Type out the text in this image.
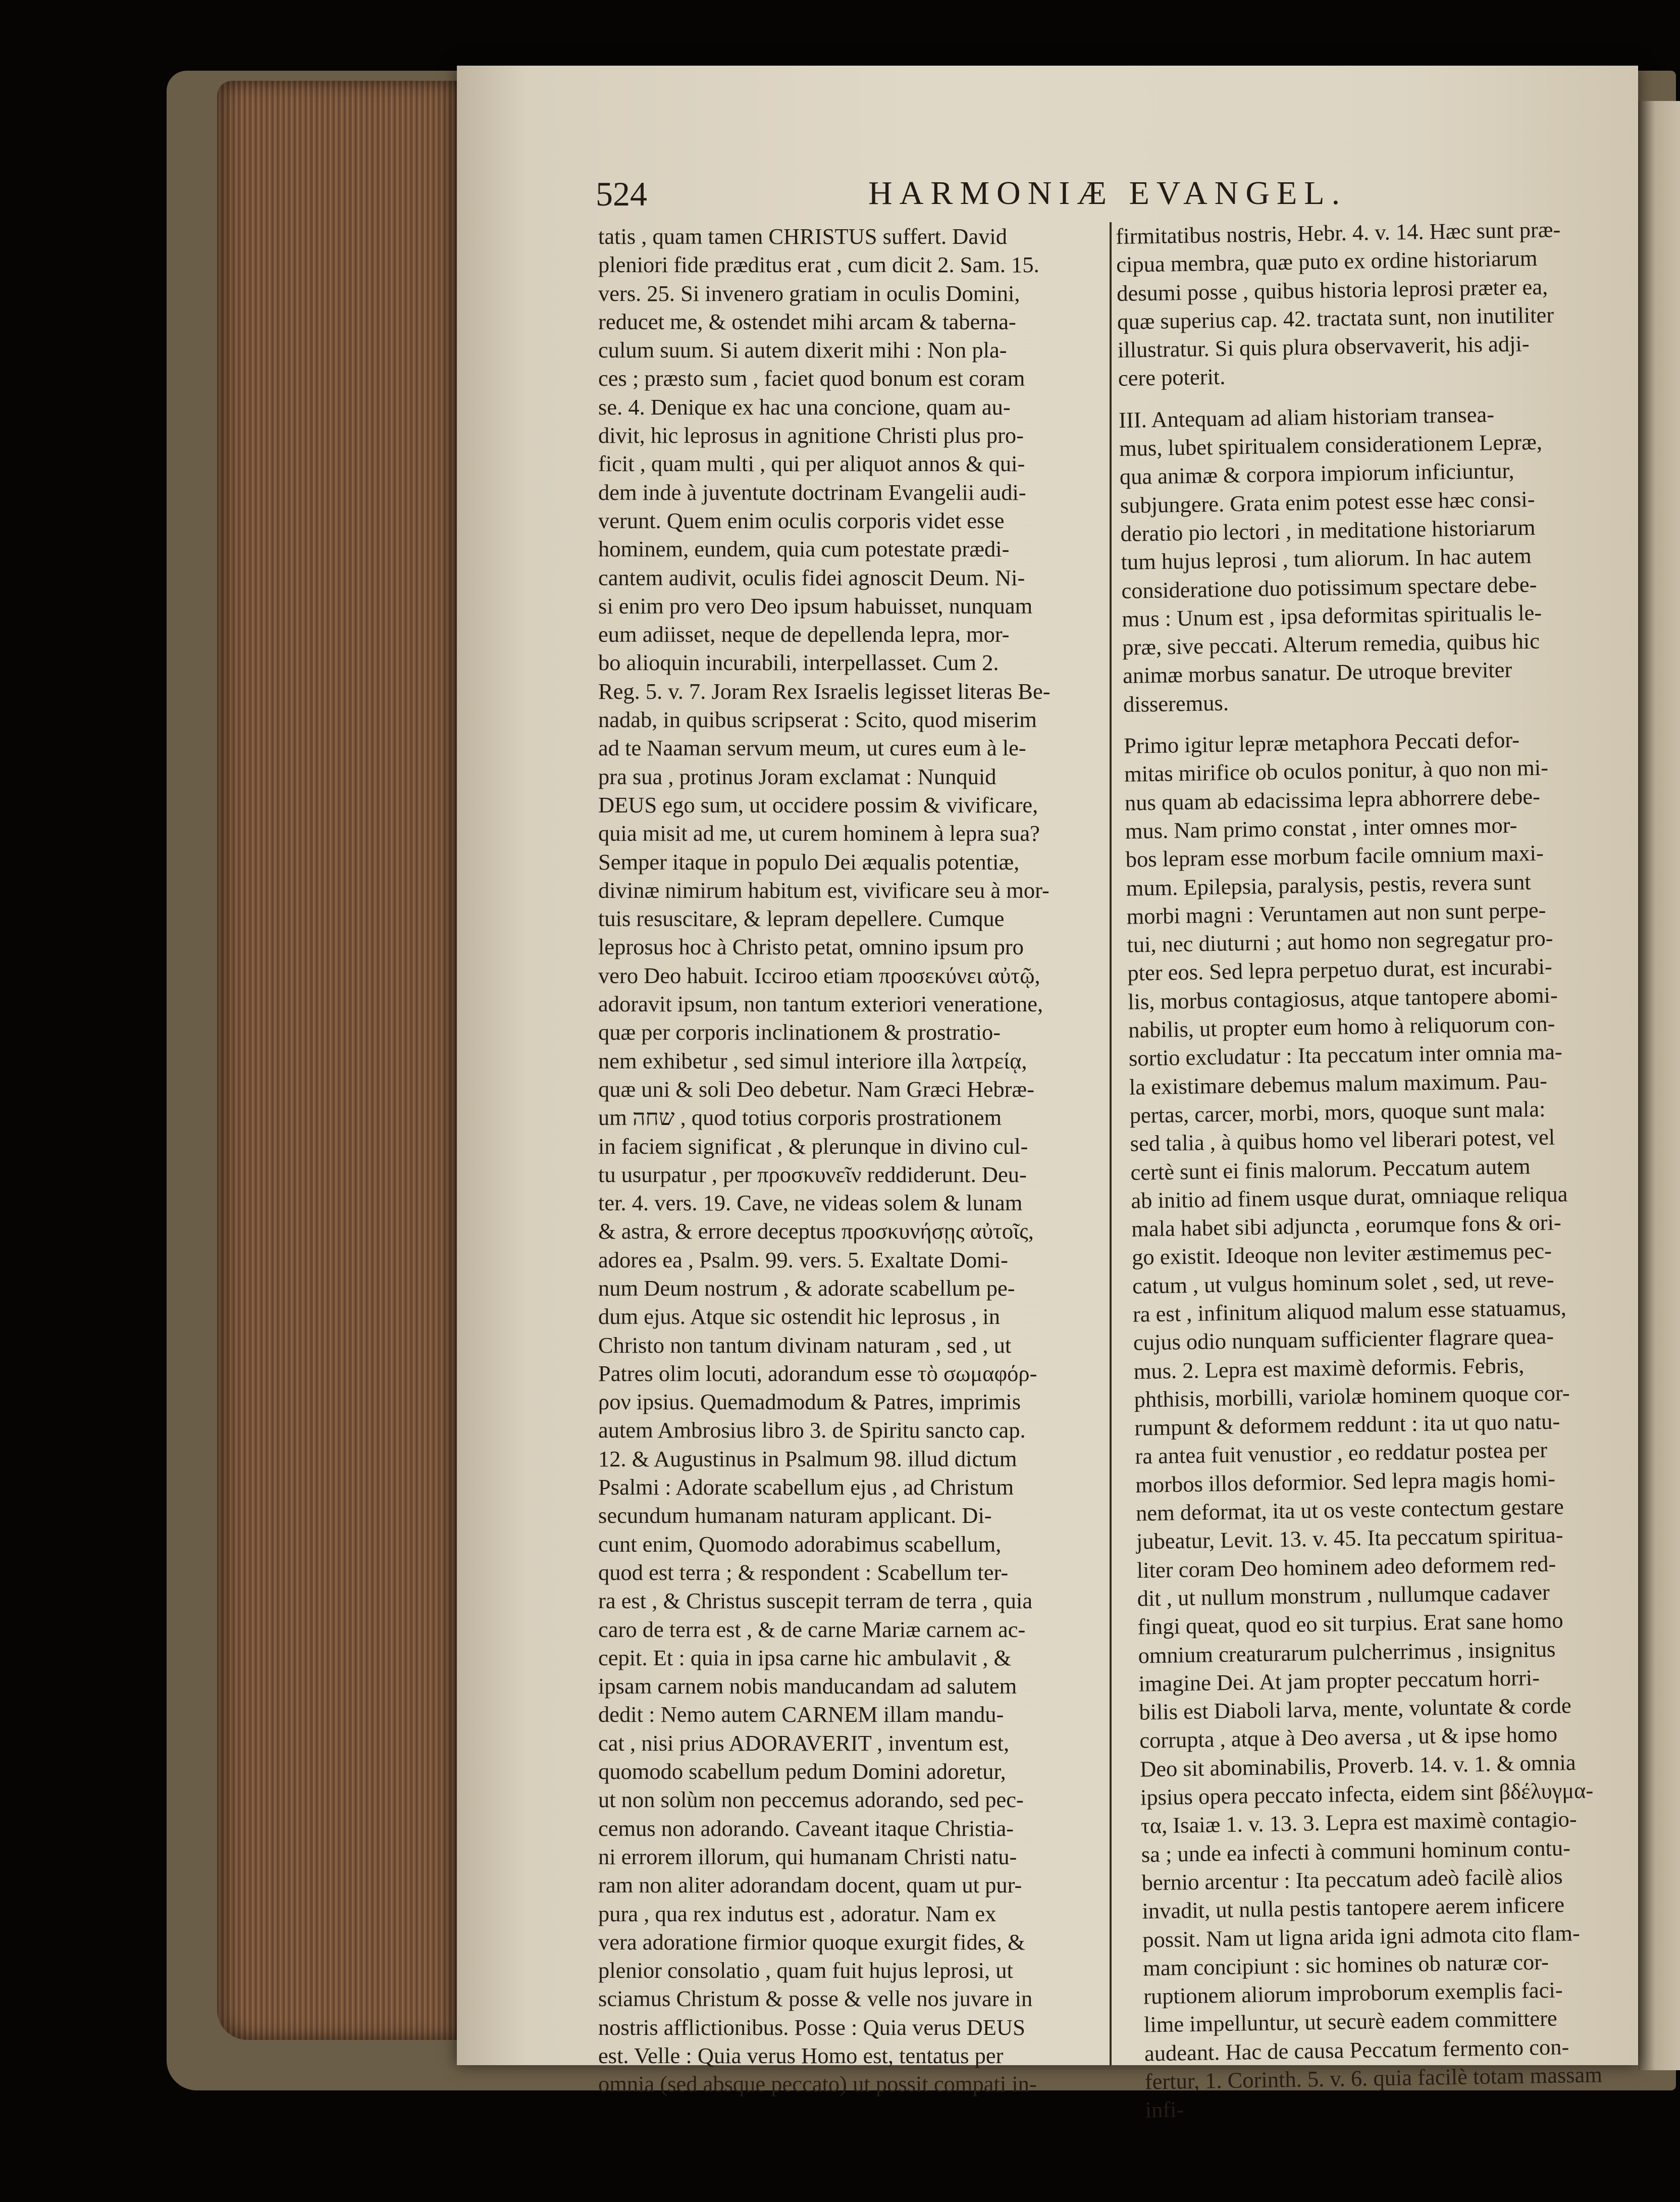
524	HARMONIÆ EVANGEL.
tatis , quam tamen CHRISTUS suffert. David
pleniori fide præditus erat , cum dicit 2. Sam. 15.
vers. 25. Si invenero gratiam in oculis Domini,
reducet me, & ostendet mihi arcam & taberna-
culum suum. Si autem dixerit mihi : Non pla-
ces ; præsto sum , faciet quod bonum est coram
se. 4. Denique ex hac una concione, quam au-
divit, hic leprosus in agnitione Christi plus pro-
ficit , quam multi , qui per aliquot annos & qui-
dem inde à juventute doctrinam Evangelii audi-
verunt. Quem enim oculis corporis videt esse
hominem, eundem, quia cum potestate prædi-
cantem audivit, oculis fidei agnoscit Deum. Ni-
si enim pro vero Deo ipsum habuisset, nunquam
eum adiisset, neque de depellenda lepra, mor-
bo alioquin incurabili, interpellasset. Cum 2.
Reg. 5. v. 7. Joram Rex Israelis legisset literas Be-
nadab, in quibus scripserat : Scito, quod miserim
ad te Naaman servum meum, ut cures eum à le-
pra sua , protinus Joram exclamat : Nunquid
DEUS ego sum, ut occidere possim & vivificare,
quia misit ad me, ut curem hominem à lepra sua?
Semper itaque in populo Dei æqualis potentiæ,
divinæ nimirum habitum est, vivificare seu à mor-
tuis resuscitare, & lepram depellere. Cumque
leprosus hoc à Christo petat, omnino ipsum pro
vero Deo habuit. Icciroo etiam προσεκύνει αὐτῷ,
adoravit ipsum, non tantum exteriori veneratione,
quæ per corporis inclinationem & prostratio-
nem exhibetur , sed simul interiore illa λατρείᾳ,
quæ uni & soli Deo debetur. Nam Græci Hebræ-
um שחה , quod totius corporis prostrationem
in faciem significat , & plerunque in divino cul-
tu usurpatur , per προσκυνεῖν reddiderunt. Deu-
ter. 4. vers. 19. Cave, ne videas solem & lunam
& astra, & errore deceptus προσκυνήσῃς αὐτοῖς,
adores ea , Psalm. 99. vers. 5. Exaltate Domi-
num Deum nostrum , & adorate scabellum pe-
dum ejus. Atque sic ostendit hic leprosus , in
Christo non tantum divinam naturam , sed , ut
Patres olim locuti, adorandum esse τὸ σωμαφόρ-
ρον ipsius. Quemadmodum & Patres, imprimis
autem Ambrosius libro 3. de Spiritu sancto cap.
12. & Augustinus in Psalmum 98. illud dictum
Psalmi : Adorate scabellum ejus , ad Christum
secundum humanam naturam applicant. Di-
cunt enim, Quomodo adorabimus scabellum,
quod est terra ; & respondent : Scabellum ter-
ra est , & Christus suscepit terram de terra , quia
caro de terra est , & de carne Mariæ carnem ac-
cepit. Et : quia in ipsa carne hic ambulavit , &
ipsam carnem nobis manducandam ad salutem
dedit : Nemo autem CARNEM illam mandu-
cat , nisi prius ADORAVERIT , inventum est,
quomodo scabellum pedum Domini adoretur,
ut non solùm non peccemus adorando, sed pec-
cemus non adorando. Caveant itaque Christia-
ni errorem illorum, qui humanam Christi natu-
ram non aliter adorandam docent, quam ut pur-
pura , qua rex indutus est , adoratur. Nam ex
vera adoratione firmior quoque exurgit fides, &
plenior consolatio , quam fuit hujus leprosi, ut
sciamus Christum & posse & velle nos juvare in
nostris afflictionibus. Posse : Quia verus DEUS
est. Velle : Quia verus Homo est, tentatus per
omnia (sed absque peccato) ut possit compati in-
firmitatibus nostris, Hebr. 4. v. 14. Hæc sunt præ-
cipua membra, quæ puto ex ordine historiarum
desumi posse , quibus historia leprosi præter ea,
quæ superius cap. 42. tractata sunt, non inutiliter
illustratur. Si quis plura observaverit, his adji-
cere poterit.
III. Antequam ad aliam historiam transea-
mus, lubet spiritualem considerationem Lepræ,
qua animæ & corpora impiorum inficiuntur,
subjungere. Grata enim potest esse hæc consi-
deratio pio lectori , in meditatione historiarum
tum hujus leprosi , tum aliorum. In hac autem
consideratione duo potissimum spectare debe-
mus : Unum est , ipsa deformitas spiritualis le-
præ, sive peccati. Alterum remedia, quibus hic
animæ morbus sanatur. De utroque breviter
disseremus.
Primo igitur lepræ metaphora Peccati defor-
mitas mirifice ob oculos ponitur, à quo non mi-
nus quam ab edacissima lepra abhorrere debe-
mus. Nam primo constat , inter omnes mor-
bos lepram esse morbum facile omnium maxi-
mum. Epilepsia, paralysis, pestis, revera sunt
morbi magni : Veruntamen aut non sunt perpe-
tui, nec diuturni ; aut homo non segregatur pro-
pter eos. Sed lepra perpetuo durat, est incurabi-
lis, morbus contagiosus, atque tantopere abomi-
nabilis, ut propter eum homo à reliquorum con-
sortio excludatur : Ita peccatum inter omnia ma-
la existimare debemus malum maximum. Pau-
pertas, carcer, morbi, mors, quoque sunt mala:
sed talia , à quibus homo vel liberari potest, vel
certè sunt ei finis malorum. Peccatum autem
ab initio ad finem usque durat, omniaque reliqua
mala habet sibi adjuncta , eorumque fons & ori-
go existit. Ideoque non leviter æstimemus pec-
catum , ut vulgus hominum solet , sed, ut reve-
ra est , infinitum aliquod malum esse statuamus,
cujus odio nunquam sufficienter flagrare quea-
mus. 2. Lepra est maximè deformis. Febris,
phthisis, morbilli, variolæ hominem quoque cor-
rumpunt & deformem reddunt : ita ut quo natu-
ra antea fuit venustior , eo reddatur postea per
morbos illos deformior. Sed lepra magis homi-
nem deformat, ita ut os veste contectum gestare
jubeatur, Levit. 13. v. 45. Ita peccatum spiritua-
liter coram Deo hominem adeo deformem red-
dit , ut nullum monstrum , nullumque cadaver
fingi queat, quod eo sit turpius. Erat sane homo
omnium creaturarum pulcherrimus , insignitus
imagine Dei. At jam propter peccatum horri-
bilis est Diaboli larva, mente, voluntate & corde
corrupta , atque à Deo aversa , ut & ipse homo
Deo sit abominabilis, Proverb. 14. v. 1. & omnia
ipsius opera peccato infecta, eidem sint βδέλυγμα-
τα, Isaiæ 1. v. 13. 3. Lepra est maximè contagio-
sa ; unde ea infecti à communi hominum contu-
bernio arcentur : Ita peccatum adeò facilè alios
invadit, ut nulla pestis tantopere aerem inficere
possit. Nam ut ligna arida igni admota cito flam-
mam concipiunt : sic homines ob naturæ cor-
ruptionem aliorum improborum exemplis faci-
lime impelluntur, ut securè eadem committere
audeant. Hac de causa Peccatum fermento con-
fertur, 1. Corinth. 5. v. 6. quia facilè totam massam
infi-
